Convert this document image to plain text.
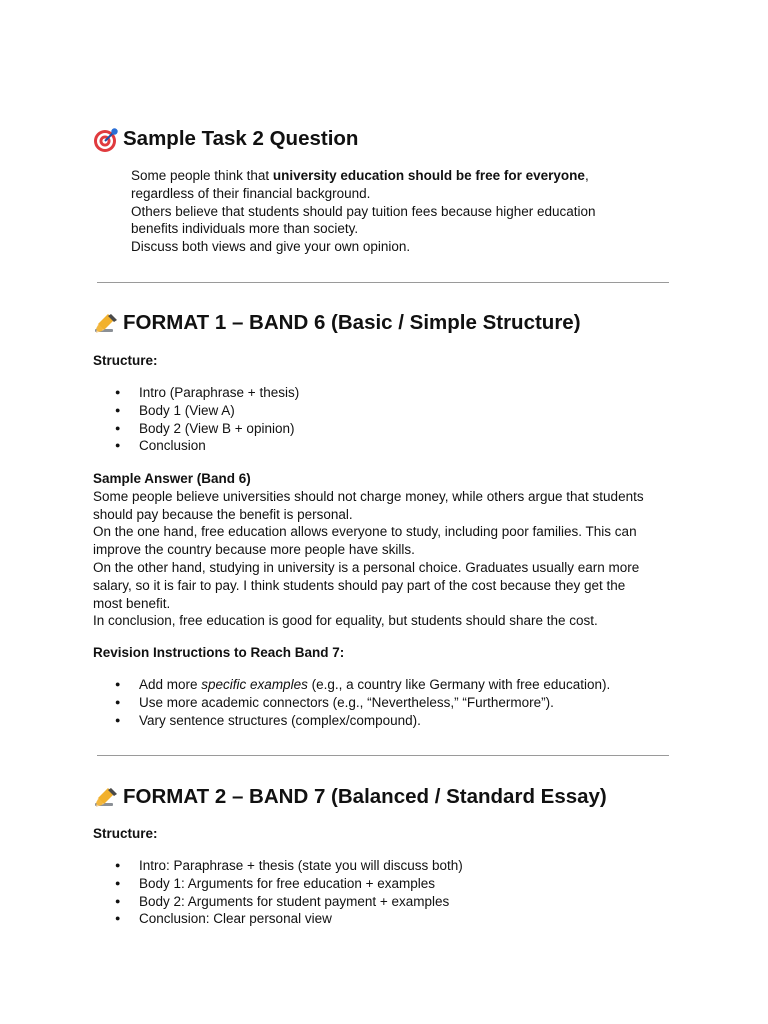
Sample Task 2 Question

Some people think that university education should be free for everyone,

regardless of their financial background.

Others believe that students should pay tuition fees because higher education

benefits individuals more than society.

Discuss both views and give your own opinion.

FORMAT 1 – BAND 6 (Basic / Simple Structure)

Structure:

● Intro (Paraphrase + thesis)
● Body 1 (View A)
● Body 2 (View B + opinion)
● Conclusion

Sample Answer (Band 6)

Some people believe universities should not charge money, while others argue that students

should pay because the benefit is personal.

On the one hand, free education allows everyone to study, including poor families. This can

improve the country because more people have skills.

On the other hand, studying in university is a personal choice. Graduates usually earn more

salary, so it is fair to pay. I think students should pay part of the cost because they get the

most benefit.

In conclusion, free education is good for equality, but students should share the cost.

Revision Instructions to Reach Band 7:

● Add more specific examples (e.g., a country like Germany with free education).
● Use more academic connectors (e.g., “Nevertheless,” “Furthermore”).
● Vary sentence structures (complex/compound).
FORMAT 2 – BAND 7 (Balanced / Standard Essay)

Structure:

● Intro: Paraphrase + thesis (state you will discuss both)
● Body 1: Arguments for free education + examples
● Body 2: Arguments for student payment + examples
● Conclusion: Clear personal view
